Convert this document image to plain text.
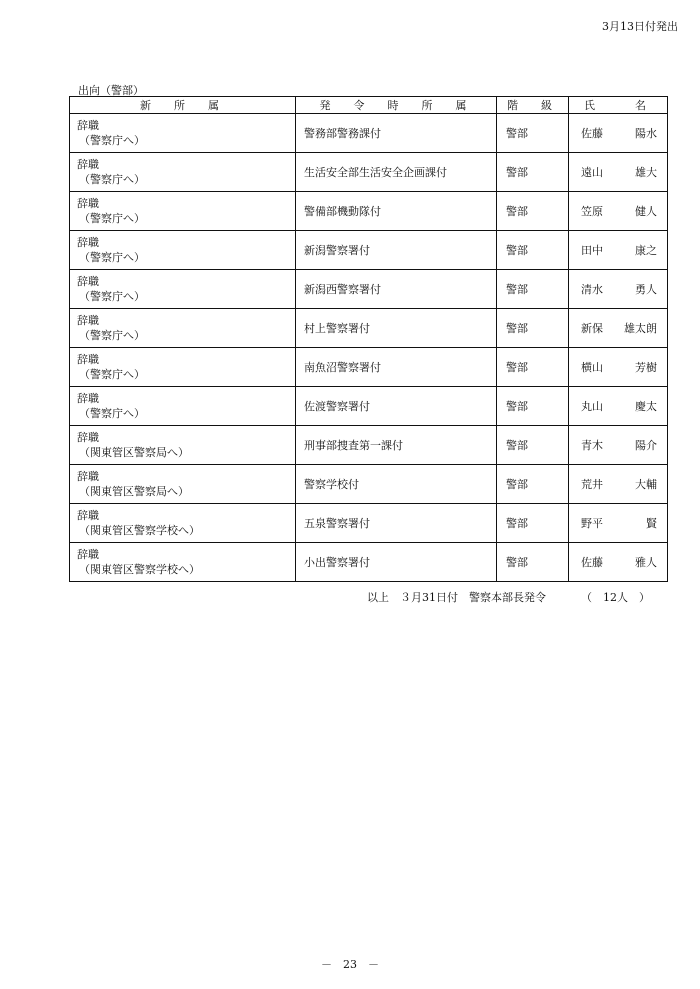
3月13日付発出
出向（警部）
新　所　属	発　令　時　所　属	階　級	氏　　名

辞職
（警察庁へ）	警務部警務課付	警部	佐藤 陽水

辞職
（警察庁へ）	生活安全部生活安全企画課付	警部	遠山 雄大

辞職
（警察庁へ）	警備部機動隊付	警部	笠原 健人

辞職
（警察庁へ）	新潟警察署付	警部	田中 康之

辞職
（警察庁へ）	新潟西警察署付	警部	清水 勇人

辞職
（警察庁へ）	村上警察署付	警部	新保 雄太朗

辞職
（警察庁へ）	南魚沼警察署付	警部	横山 芳樹

辞職
（警察庁へ）	佐渡警察署付	警部	丸山 慶太

辞職
（関東管区警察局へ）	刑事部捜査第一課付	警部	青木 陽介

辞職
（関東管区警察局へ）	警察学校付	警部	荒井 大輔

辞職
（関東管区警察学校へ）	五泉警察署付	警部	野平 賢

辞職
（関東管区警察学校へ）	小出警察署付	警部	佐藤 雅人
以上　３月31日付　警察本部長発令	（　12人　）
－　23　－
